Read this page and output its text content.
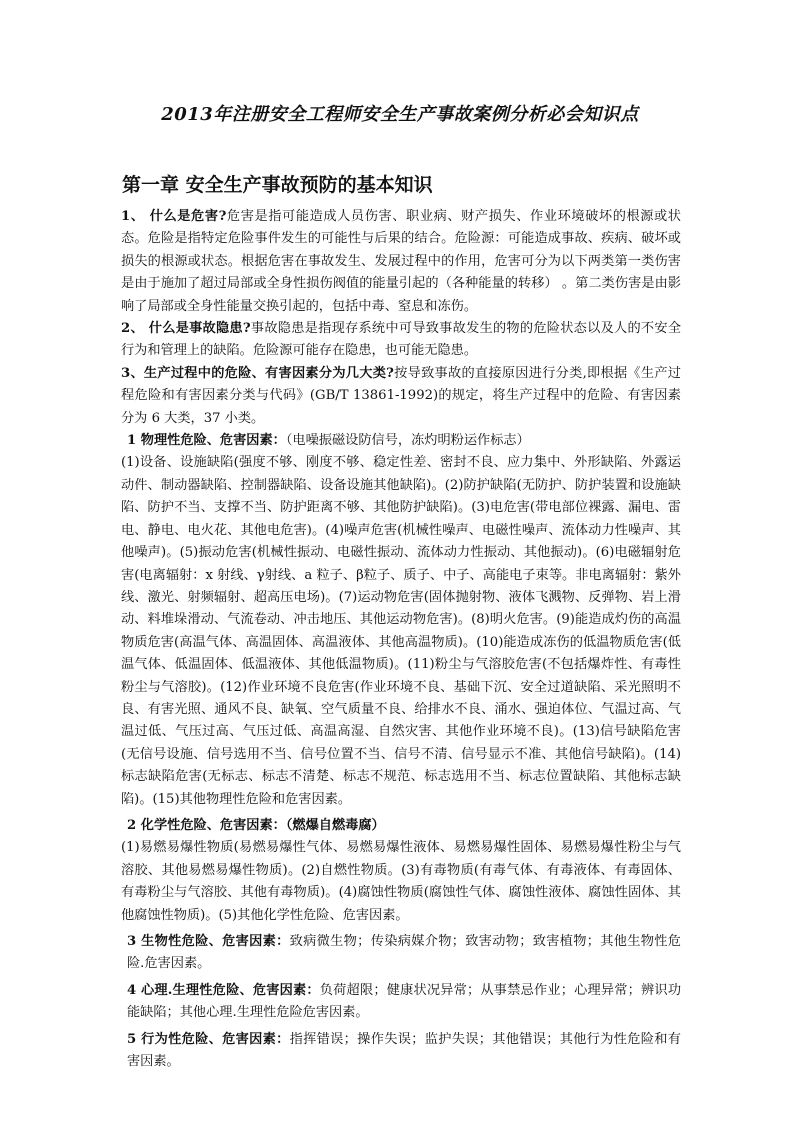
2013年注册安全工程师安全生产事故案例分析必会知识点
第一章 安全生产事故预防的基本知识

1、 什么是危害?危害是指可能造成人员伤害、职业病、财产损失、作业环境破坏的根源或状态。危险是指特定危险事件发生的可能性与后果的结合。危险源：可能造成事故、疾病、破坏或损失的根源或状态。根据危害在事故发生、发展过程中的作用，危害可分为以下两类第一类伤害是由于施加了超过局部或全身性损伤阀值的能量引起的（各种能量的转移） 。第二类伤害是由影响了局部或全身性能量交换引起的，包括中毒、窒息和冻伤。

2、 什么是事故隐患?事故隐患是指现存系统中可导致事故发生的物的危险状态以及人的不安全行为和管理上的缺陷。危险源可能存在隐患，也可能无隐患。

3、生产过程中的危险、有害因素分为几大类?按导致事故的直接原因进行分类,即根据《生产过程危险和有害因素分类与代码》(GB/T 13861-1992)的规定，将生产过程中的危险、有害因素分为 6 大类，37 小类。

1 物理性危险、危害因素：（电噪振磁设防信号，冻灼明粉运作标志）

(1)设备、设施缺陷(强度不够、刚度不够、稳定性差、密封不良、应力集中、外形缺陷、外露运动件、制动器缺陷、控制器缺陷、设备设施其他缺陷)。(2)防护缺陷(无防护、防护装置和设施缺陷、防护不当、支撑不当、防护距离不够、其他防护缺陷)。(3)电危害(带电部位裸露、漏电、雷电、静电、电火花、其他电危害)。(4)噪声危害(机械性噪声、电磁性噪声、流体动力性噪声、其他噪声)。(5)振动危害(机械性振动、电磁性振动、流体动力性振动、其他振动)。(6)电磁辐射危害(电离辐射：x 射线、γ射线、a 粒子、β粒子、质子、中子、高能电子束等。非电离辐射：紫外线、激光、射频辐射、超高压电场)。(7)运动物危害(固体抛射物、液体飞溅物、反弹物、岩上滑动、料堆垛滑动、气流卷动、冲击地压、其他运动物危害)。(8)明火危害。(9)能造成灼伤的高温物质危害(高温气体、高温固体、高温液体、其他高温物质)。(10)能造成冻伤的低温物质危害(低温气体、低温固体、低温液体、其他低温物质)。(11)粉尘与气溶胶危害(不包括爆炸性、有毒性粉尘与气溶胶)。(12)作业环境不良危害(作业环境不良、基础下沉、安全过道缺陷、采光照明不良、有害光照、通风不良、缺氧、空气质量不良、给排水不良、涌水、强迫体位、气温过高、气温过低、气压过高、气压过低、高温高湿、自然灾害、其他作业环境不良)。(13)信号缺陷危害(无信号设施、信号选用不当、信号位置不当、信号不清、信号显示不准、其他信号缺陷)。(14)标志缺陷危害(无标志、标志不清楚、标志不规范、标志选用不当、标志位置缺陷、其他标志缺陷)。(15)其他物理性危险和危害因素。

2 化学性危险、危害因素：（燃爆自燃毒腐）

(1)易燃易爆性物质(易燃易爆性气体、易燃易爆性液体、易燃易爆性固体、易燃易爆性粉尘与气溶胶、其他易燃易爆性物质)。(2)自燃性物质。(3)有毒物质(有毒气体、有毒液体、有毒固体、有毒粉尘与气溶胶、其他有毒物质)。(4)腐蚀性物质(腐蚀性气体、腐蚀性液体、腐蚀性固体、其他腐蚀性物质)。(5)其他化学性危险、危害因素。

3 生物性危险、危害因素：致病微生物；传染病媒介物；致害动物；致害植物；其他生物性危险.危害因素。

4 心理.生理性危险、危害因素：负荷超限；健康状况异常；从事禁忌作业；心理异常；辨识功能缺陷；其他心理.生理性危险危害因素。

5 行为性危险、危害因素：指挥错误；操作失误；监护失误；其他错误；其他行为性危险和有害因素。
